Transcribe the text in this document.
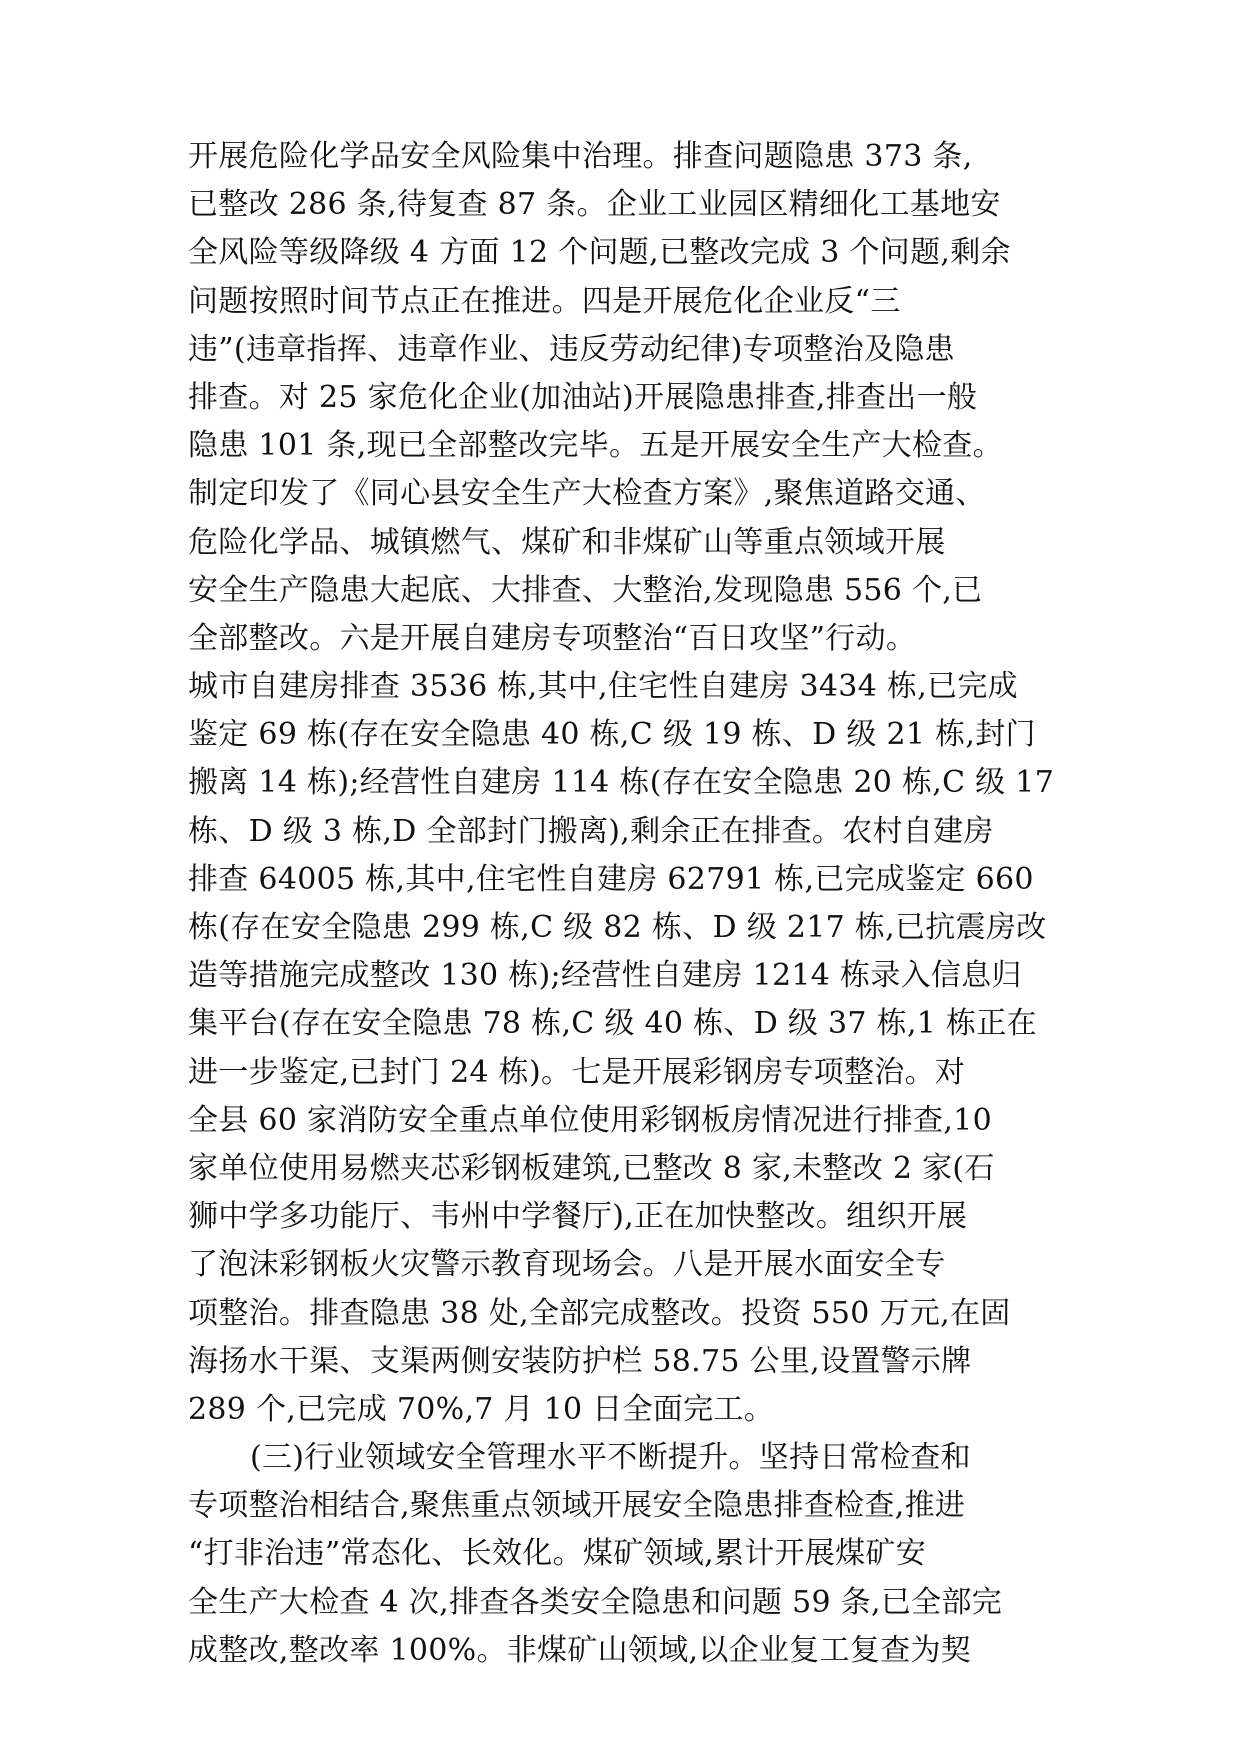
开展危险化学品安全风险集中治理。排查问题隐患 373 条,
已整改 286 条,待复查 87 条。企业工业园区精细化工基地安
全风险等级降级 4 方面 12 个问题,已整改完成 3 个问题,剩余
问题按照时间节点正在推进。四是开展危化企业反“三
违”(违章指挥、违章作业、违反劳动纪律)专项整治及隐患
排查。对 25 家危化企业(加油站)开展隐患排查,排查出一般
隐患 101 条,现已全部整改完毕。五是开展安全生产大检查。
制定印发了《同心县安全生产大检查方案》,聚焦道路交通、
危险化学品、城镇燃气、煤矿和非煤矿山等重点领域开展
安全生产隐患大起底、大排查、大整治,发现隐患 556 个,已
全部整改。六是开展自建房专项整治“百日攻坚”行动。
城市自建房排查 3536 栋,其中,住宅性自建房 3434 栋,已完成
鉴定 69 栋(存在安全隐患 40 栋,C 级 19 栋、D 级 21 栋,封门
搬离 14 栋);经营性自建房 114 栋(存在安全隐患 20 栋,C 级 17
栋、D 级 3 栋,D 全部封门搬离),剩余正在排查。农村自建房
排查 64005 栋,其中,住宅性自建房 62791 栋,已完成鉴定 660
栋(存在安全隐患 299 栋,C 级 82 栋、D 级 217 栋,已抗震房改
造等措施完成整改 130 栋);经营性自建房 1214 栋录入信息归
集平台(存在安全隐患 78 栋,C 级 40 栋、D 级 37 栋,1 栋正在
进一步鉴定,已封门 24 栋)。七是开展彩钢房专项整治。对
全县 60 家消防安全重点单位使用彩钢板房情况进行排查,10
家单位使用易燃夹芯彩钢板建筑,已整改 8 家,未整改 2 家(石
狮中学多功能厅、韦州中学餐厅),正在加快整改。组织开展
了泡沫彩钢板火灾警示教育现场会。八是开展水面安全专
项整治。排查隐患 38 处,全部完成整改。投资 550 万元,在固
海扬水干渠、支渠两侧安装防护栏 58.75 公里,设置警示牌
289 个,已完成 70%,7 月 10 日全面完工。
(三)行业领域安全管理水平不断提升。坚持日常检查和
专项整治相结合,聚焦重点领域开展安全隐患排查检查,推进
“打非治违”常态化、长效化。煤矿领域,累计开展煤矿安
全生产大检查 4 次,排查各类安全隐患和问题 59 条,已全部完
成整改,整改率 100%。非煤矿山领域,以企业复工复查为契
